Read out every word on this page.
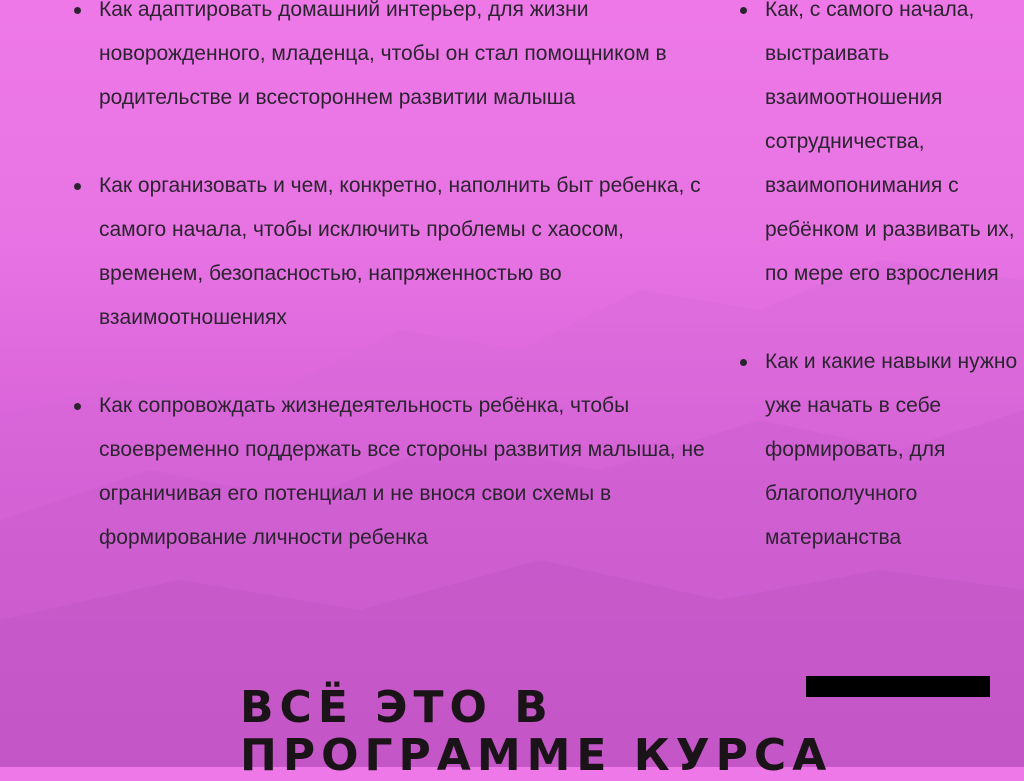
Как адаптировать домашний интерьер, для жизни новорожденного, младенца, чтобы он стал помощником в родительстве и всестороннем развитии малыша
Как организовать и чем, конкретно, наполнить быт ребенка, с самого начала, чтобы исключить проблемы с хаосом, временем, безопасностью, напряженностью во взаимоотношениях
Как сопровождать жизнедеятельность ребёнка, чтобы своевременно поддержать все стороны развития малыша, не ограничивая его потенциал и не внося свои схемы в формирование личности ребенка
Как, с самого начала, выстраивать взаимоотношения сотрудничества, взаимопонимания с ребёнком и развивать их, по мере его взросления
Как и какие навыки нужно уже начать в себе формировать, для благополучного материанства
ВСЁ ЭТО В
ПРОГРАММЕ КУРСА
